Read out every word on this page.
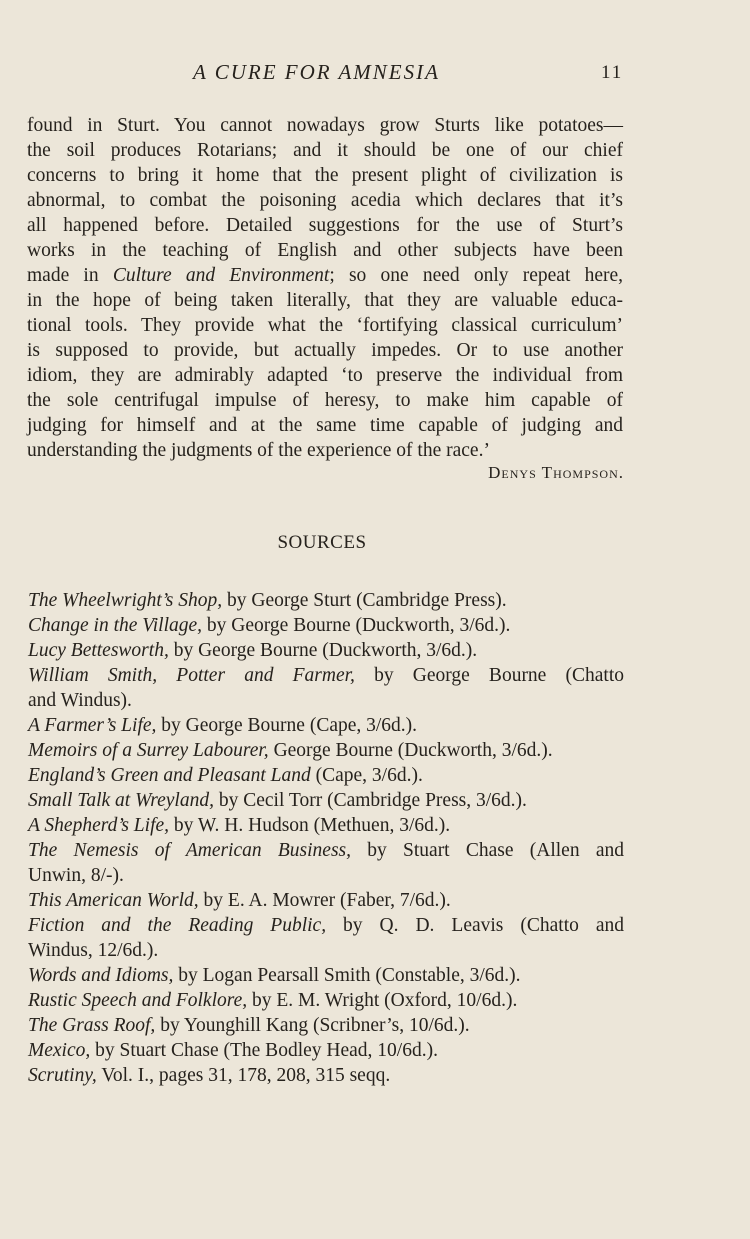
A CURE FOR AMNESIA	11
found in Sturt. You cannot nowadays grow Sturts like potatoes—
the soil produces Rotarians; and it should be one of our chief
concerns to bring it home that the present plight of civilization is
abnormal, to combat the poisoning acedia which declares that it’s
all happened before. Detailed suggestions for the use of Sturt’s
works in the teaching of English and other subjects have been
made in Culture and Environment; so one need only repeat here,
in the hope of being taken literally, that they are valuable educa-
tional tools. They provide what the ‘fortifying classical curriculum’
is supposed to provide, but actually impedes. Or to use another
idiom, they are admirably adapted ‘to preserve the individual from
the sole centrifugal impulse of heresy, to make him capable of
judging for himself and at the same time capable of judging and
understanding the judgments of the experience of the race.’
Denys Thompson.
SOURCES
The Wheelwright’s Shop, by George Sturt (Cambridge Press).
Change in the Village, by George Bourne (Duckworth, 3/6d.).
Lucy Bettesworth, by George Bourne (Duckworth, 3/6d.).
William Smith, Potter and Farmer, by George Bourne (Chatto
and Windus).
A Farmer’s Life, by George Bourne (Cape, 3/6d.).
Memoirs of a Surrey Labourer, George Bourne (Duckworth, 3/6d.).
England’s Green and Pleasant Land (Cape, 3/6d.).
Small Talk at Wreyland, by Cecil Torr (Cambridge Press, 3/6d.).
A Shepherd’s Life, by W. H. Hudson (Methuen, 3/6d.).
The Nemesis of American Business, by Stuart Chase (Allen and
Unwin, 8/-).
This American World, by E. A. Mowrer (Faber, 7/6d.).
Fiction and the Reading Public, by Q. D. Leavis (Chatto and
Windus, 12/6d.).
Words and Idioms, by Logan Pearsall Smith (Constable, 3/6d.).
Rustic Speech and Folklore, by E. M. Wright (Oxford, 10/6d.).
The Grass Roof, by Younghill Kang (Scribner’s, 10/6d.).
Mexico, by Stuart Chase (The Bodley Head, 10/6d.).
Scrutiny, Vol. I., pages 31, 178, 208, 315 seqq.
